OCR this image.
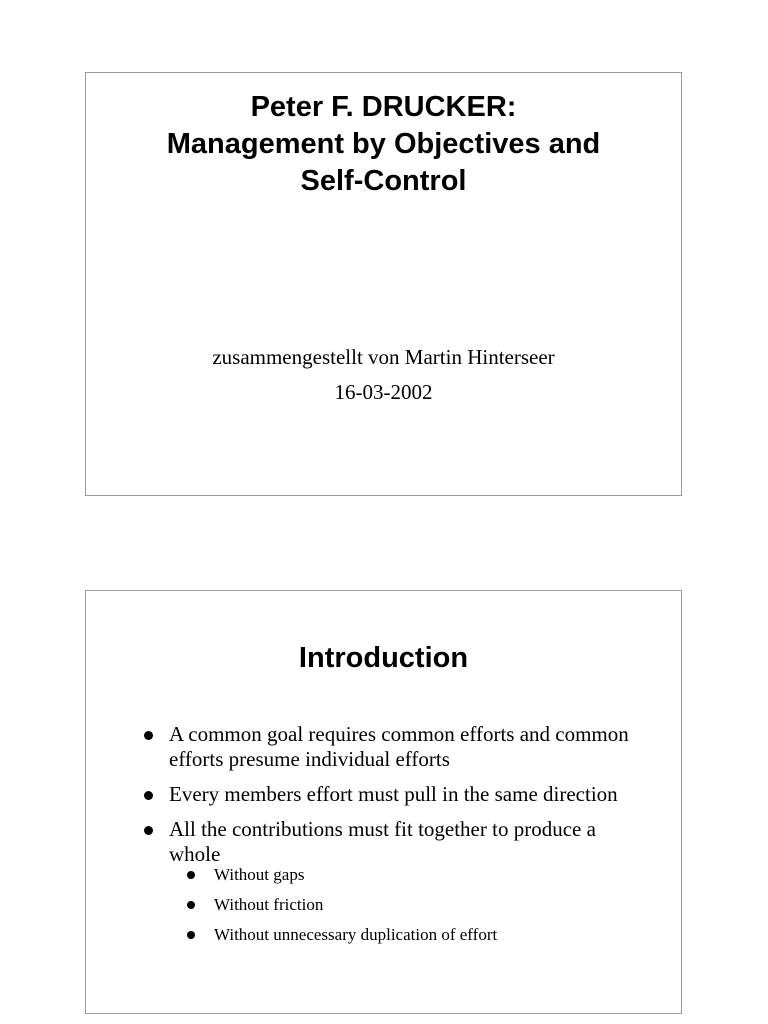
Peter F. DRUCKER:
Management by Objectives and
Self-Control
zusammengestellt von Martin Hinterseer
16-03-2002
Introduction
A common goal requires common efforts and common efforts presume individual efforts
Every members effort must pull in the same direction
All the contributions must fit together to produce a whole
Without gaps
Without friction
Without unnecessary duplication of effort
